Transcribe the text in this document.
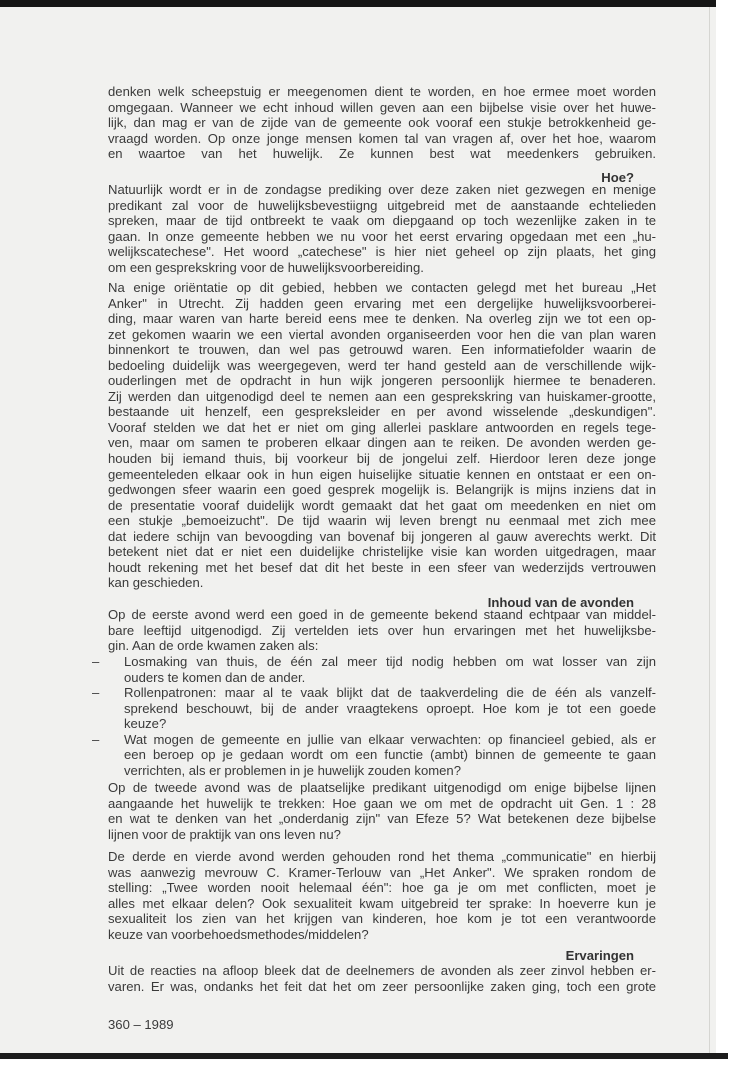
denken welk scheepstuig er meegenomen dient te worden, en hoe ermee moet worden
omgegaan. Wanneer we echt inhoud willen geven aan een bijbelse visie over het huwe-
lijk, dan mag er van de zijde van de gemeente ook vooraf een stukje betrokkenheid ge-
vraagd worden. Op onze jonge mensen komen tal van vragen af, over het hoe, waarom
en waartoe van het huwelijk. Ze kunnen best wat meedenkers gebruiken.
Hoe?
Natuurlijk wordt er in de zondagse prediking over deze zaken niet gezwegen en menige
predikant zal voor de huwelijksbevestiigng uitgebreid met de aanstaande echtelieden
spreken, maar de tijd ontbreekt te vaak om diepgaand op toch wezenlijke zaken in te
gaan. In onze gemeente hebben we nu voor het eerst ervaring opgedaan met een „hu-
welijkscatechese". Het woord „catechese" is hier niet geheel op zijn plaats, het ging
om een gesprekskring voor de huwelijksvoorbereiding.
Na enige oriëntatie op dit gebied, hebben we contacten gelegd met het bureau „Het
Anker" in Utrecht. Zij hadden geen ervaring met een dergelijke huwelijksvoorberei-
ding, maar waren van harte bereid eens mee te denken. Na overleg zijn we tot een op-
zet gekomen waarin we een viertal avonden organiseerden voor hen die van plan waren
binnenkort te trouwen, dan wel pas getrouwd waren. Een informatiefolder waarin de
bedoeling duidelijk was weergegeven, werd ter hand gesteld aan de verschillende wijk-
ouderlingen met de opdracht in hun wijk jongeren persoonlijk hiermee te benaderen.
Zij werden dan uitgenodigd deel te nemen aan een gesprekskring van huiskamer-grootte,
bestaande uit henzelf, een gespreksleider en per avond wisselende „deskundigen".
Vooraf stelden we dat het er niet om ging allerlei pasklare antwoorden en regels tege-
ven, maar om samen te proberen elkaar dingen aan te reiken. De avonden werden ge-
houden bij iemand thuis, bij voorkeur bij de jongelui zelf. Hierdoor leren deze jonge
gemeenteleden elkaar ook in hun eigen huiselijke situatie kennen en ontstaat er een on-
gedwongen sfeer waarin een goed gesprek mogelijk is. Belangrijk is mijns inziens dat in
de presentatie vooraf duidelijk wordt gemaakt dat het gaat om meedenken en niet om
een stukje „bemoeizucht". De tijd waarin wij leven brengt nu eenmaal met zich mee
dat iedere schijn van bevoogding van bovenaf bij jongeren al gauw averechts werkt. Dit
betekent niet dat er niet een duidelijke christelijke visie kan worden uitgedragen, maar
houdt rekening met het besef dat dit het beste in een sfeer van wederzijds vertrouwen
kan geschieden.
Inhoud van de avonden
Op de eerste avond werd een goed in de gemeente bekend staand echtpaar van middel-
bare leeftijd uitgenodigd. Zij vertelden iets over hun ervaringen met het huwelijksbe-
gin. Aan de orde kwamen zaken als:
– Losmaking van thuis, de één zal meer tijd nodig hebben om wat losser van zijn
ouders te komen dan de ander.
– Rollenpatronen: maar al te vaak blijkt dat de taakverdeling die de één als vanzelf-
sprekend beschouwt, bij de ander vraagtekens oproept. Hoe kom je tot een goede
keuze?
– Wat mogen de gemeente en jullie van elkaar verwachten: op financieel gebied, als er
een beroep op je gedaan wordt om een functie (ambt) binnen de gemeente te gaan
verrichten, als er problemen in je huwelijk zouden komen?
Op de tweede avond was de plaatselijke predikant uitgenodigd om enige bijbelse lijnen
aangaande het huwelijk te trekken: Hoe gaan we om met de opdracht uit Gen. 1 : 28
en wat te denken van het „onderdanig zijn" van Efeze 5? Wat betekenen deze bijbelse
lijnen voor de praktijk van ons leven nu?
De derde en vierde avond werden gehouden rond het thema „communicatie" en hierbij
was aanwezig mevrouw C. Kramer-Terlouw van „Het Anker". We spraken rondom de
stelling: „Twee worden nooit helemaal één": hoe ga je om met conflicten, moet je
alles met elkaar delen? Ook sexualiteit kwam uitgebreid ter sprake: In hoeverre kun je
sexualiteit los zien van het krijgen van kinderen, hoe kom je tot een verantwoorde
keuze van voorbehoedsmethodes/middelen?
Ervaringen
Uit de reacties na afloop bleek dat de deelnemers de avonden als zeer zinvol hebben er-
varen. Er was, ondanks het feit dat het om zeer persoonlijke zaken ging, toch een grote
360 – 1989
